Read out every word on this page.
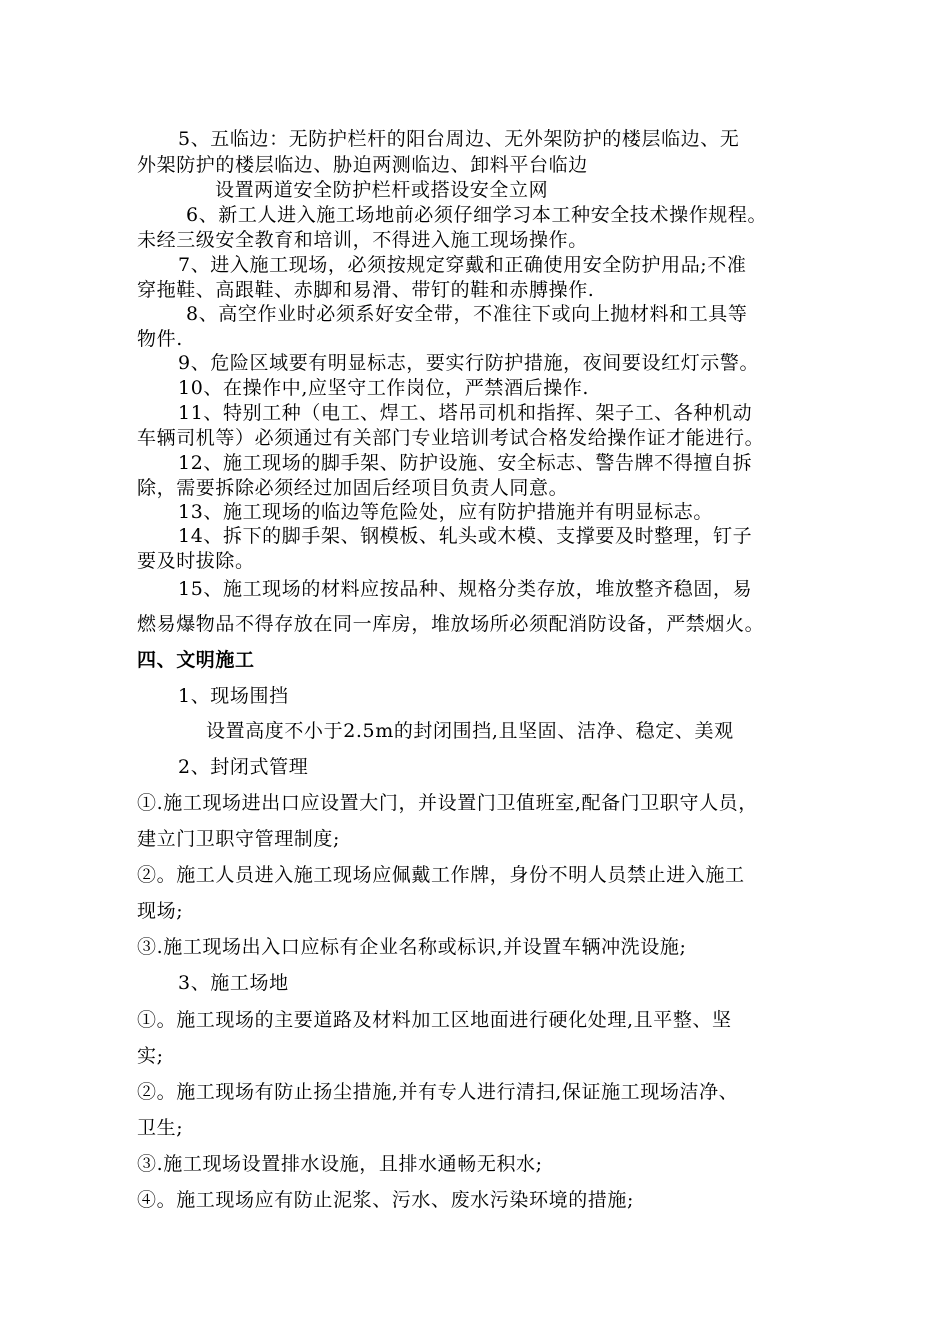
5、五临边：无防护栏杆的阳台周边、无外架防护的楼层临边、无
外架防护的楼层临边、胁迫两测临边、卸料平台临边
设置两道安全防护栏杆或搭设安全立网
6、新工人进入施工场地前必须仔细学习本工种安全技术操作规程。
未经三级安全教育和培训，不得进入施工现场操作。
7、进入施工现场，必须按规定穿戴和正确使用安全防护用品;不准
穿拖鞋、高跟鞋、赤脚和易滑、带钉的鞋和赤膊操作.
8、高空作业时必须系好安全带，不准往下或向上抛材料和工具等
物件.
9、危险区域要有明显标志，要实行防护措施，夜间要设红灯示警。
10、在操作中,应坚守工作岗位，严禁酒后操作.
11、特别工种（电工、焊工、塔吊司机和指挥、架子工、各种机动
车辆司机等）必须通过有关部门专业培训考试合格发给操作证才能进行。
12、施工现场的脚手架、防护设施、安全标志、警告牌不得擅自拆
除，需要拆除必须经过加固后经项目负责人同意。
13、施工现场的临边等危险处，应有防护措施并有明显标志。
14、拆下的脚手架、钢模板、轧头或木模、支撑要及时整理，钉子
要及时拔除。
15、施工现场的材料应按品种、规格分类存放，堆放整齐稳固，易
燃易爆物品不得存放在同一库房，堆放场所必须配消防设备，严禁烟火。
四、文明施工
1、现场围挡
设置高度不小于2.5m的封闭围挡,且坚固、洁净、稳定、美观
2、封闭式管理
①.施工现场进出口应设置大门，并设置门卫值班室,配备门卫职守人员，
建立门卫职守管理制度;
②。施工人员进入施工现场应佩戴工作牌，身份不明人员禁止进入施工
现场;
③.施工现场出入口应标有企业名称或标识,并设置车辆冲洗设施;
3、施工场地
①。施工现场的主要道路及材料加工区地面进行硬化处理,且平整、坚
实;
②。施工现场有防止扬尘措施,并有专人进行清扫,保证施工现场洁净、
卫生;
③.施工现场设置排水设施，且排水通畅无积水;
④。施工现场应有防止泥浆、污水、废水污染环境的措施;
